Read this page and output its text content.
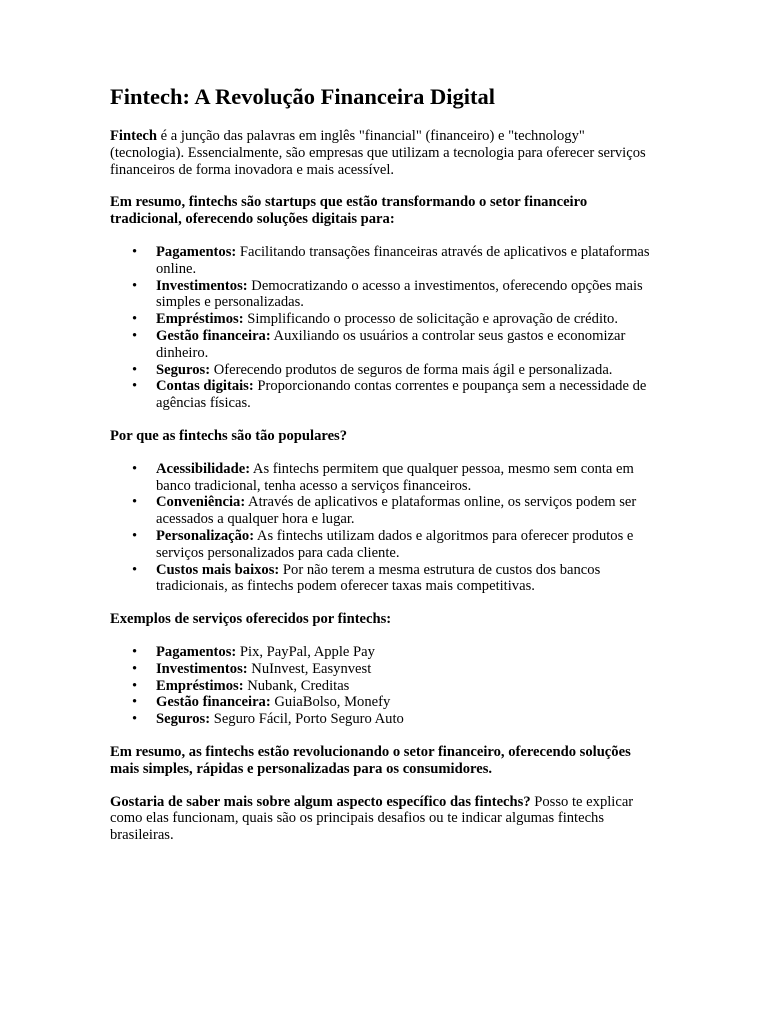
Fintech: A Revolução Financeira Digital

Fintech é a junção das palavras em inglês "financial" (financeiro) e "technology" (tecnologia). Essencialmente, são empresas que utilizam a tecnologia para oferecer serviços financeiros de forma inovadora e mais acessível.

Em resumo, fintechs são startups que estão transformando o setor financeiro tradicional, oferecendo soluções digitais para:

• Pagamentos: Facilitando transações financeiras através de aplicativos e plataformas online.
• Investimentos: Democratizando o acesso a investimentos, oferecendo opções mais simples e personalizadas.
• Empréstimos: Simplificando o processo de solicitação e aprovação de crédito.
• Gestão financeira: Auxiliando os usuários a controlar seus gastos e economizar dinheiro.
• Seguros: Oferecendo produtos de seguros de forma mais ágil e personalizada.
• Contas digitais: Proporcionando contas correntes e poupança sem a necessidade de agências físicas.

Por que as fintechs são tão populares?

• Acessibilidade: As fintechs permitem que qualquer pessoa, mesmo sem conta em banco tradicional, tenha acesso a serviços financeiros.
• Conveniência: Através de aplicativos e plataformas online, os serviços podem ser acessados a qualquer hora e lugar.
• Personalização: As fintechs utilizam dados e algoritmos para oferecer produtos e serviços personalizados para cada cliente.
• Custos mais baixos: Por não terem a mesma estrutura de custos dos bancos tradicionais, as fintechs podem oferecer taxas mais competitivas.

Exemplos de serviços oferecidos por fintechs:

• Pagamentos: Pix, PayPal, Apple Pay
• Investimentos: NuInvest, Easynvest
• Empréstimos: Nubank, Creditas
• Gestão financeira: GuiaBolso, Monefy
• Seguros: Seguro Fácil, Porto Seguro Auto

Em resumo, as fintechs estão revolucionando o setor financeiro, oferecendo soluções mais simples, rápidas e personalizadas para os consumidores.

Gostaria de saber mais sobre algum aspecto específico das fintechs? Posso te explicar como elas funcionam, quais são os principais desafios ou te indicar algumas fintechs brasileiras.
